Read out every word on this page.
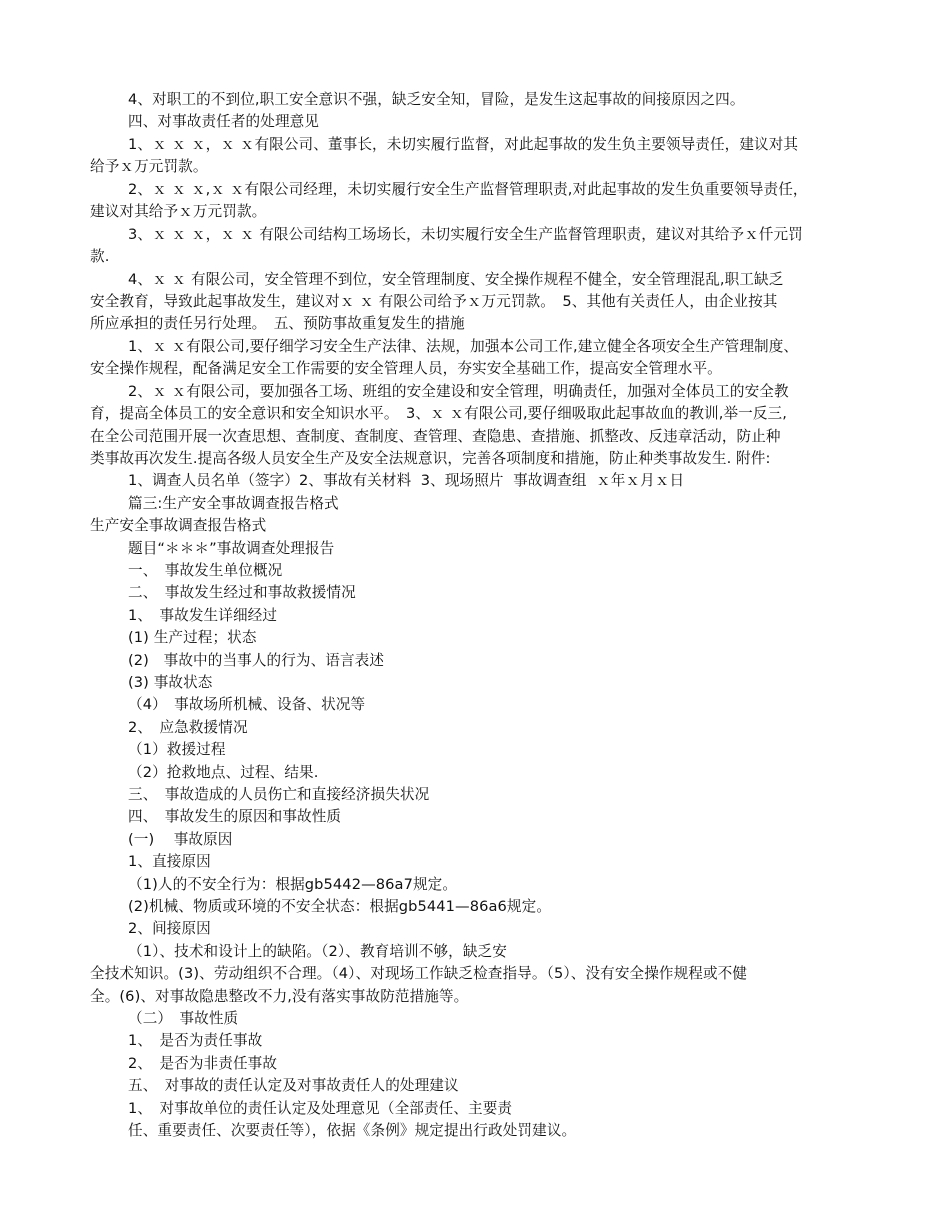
4、对职工的不到位,职工安全意识不强，缺乏安全知，冒险，是发生这起事故的间接原因之四。
四、对事故责任者的处理意见
1、ｘ ｘ ｘ，ｘ ｘ有限公司、董事长，未切实履行监督，对此起事故的发生负主要领导责任，建议对其
给予ｘ万元罚款。
2、ｘ ｘ ｘ,ｘ ｘ有限公司经理，未切实履行安全生产监督管理职责,对此起事故的发生负重要领导责任，
建议对其给予ｘ万元罚款。
3、ｘ ｘ ｘ，ｘ ｘ 有限公司结构工场场长，未切实履行安全生产监督管理职责，建议对其给予ｘ仟元罚
款.
4、ｘ ｘ 有限公司，安全管理不到位，安全管理制度、安全操作规程不健全，安全管理混乱,职工缺乏
安全教育，导致此起事故发生，建议对ｘ ｘ 有限公司给予ｘ万元罚款。　5、其他有关责任人，由企业按其
所应承担的责任另行处理。　五、预防事故重复发生的措施
1、ｘ ｘ有限公司,要仔细学习安全生产法律、法规，加强本公司工作,建立健全各项安全生产管理制度、
安全操作规程，配备满足安全工作需要的安全管理人员，夯实安全基础工作，提高安全管理水平。
2、ｘ ｘ有限公司，要加强各工场、班组的安全建设和安全管理，明确责任，加强对全体员工的安全教
育，提高全体员工的安全意识和安全知识水平。　3、ｘ ｘ有限公司,要仔细吸取此起事故血的教训,举一反三,
在全公司范围开展一次查思想、查制度、查制度、查管理、查隐患、查措施、抓整改、反违章活动，防止种
类事故再次发生.提高各级人员安全生产及安全法规意识，完善各项制度和措施，防止种类事故发生. 附件:
1、调查人员名单（签字）2、事故有关材料  3、现场照片  事故调查组  ｘ年ｘ月ｘ日
篇三:生产安全事故调查报告格式
生产安全事故调查报告格式
题目“＊＊＊”事故调查处理报告
一、　事故发生单位概况
二、　事故发生经过和事故救援情况
1、　事故发生详细经过
(1) 生产过程；状态
(2)　事故中的当事人的行为、语言表述
(3) 事故状态
（4）　事故场所机械、设备、状况等
2、　应急救援情况
（1）救援过程
（2）抢救地点、过程、结果.
三、　事故造成的人员伤亡和直接经济损失状况
四、　事故发生的原因和事故性质
(一)　 事故原因
1、直接原因
（1)人的不安全行为：根据gb5442—86a7规定。
(2)机械、物质或环境的不安全状态：根据gb5441—86a6规定。
2、间接原因
（1）、技术和设计上的缺陷。（2）、教育培训不够，缺乏安
全技术知识。(3)、劳动组织不合理。（4）、对现场工作缺乏检查指导。（5）、没有安全操作规程或不健
全。(6)、对事故隐患整改不力,没有落实事故防范措施等。
（二）　事故性质
1、　是否为责任事故
2、　是否为非责任事故
五、　对事故的责任认定及对事故责任人的处理建议
1、　对事故单位的责任认定及处理意见（全部责任、主要责
任、重要责任、次要责任等），依据《条例》规定提出行政处罚建议。
